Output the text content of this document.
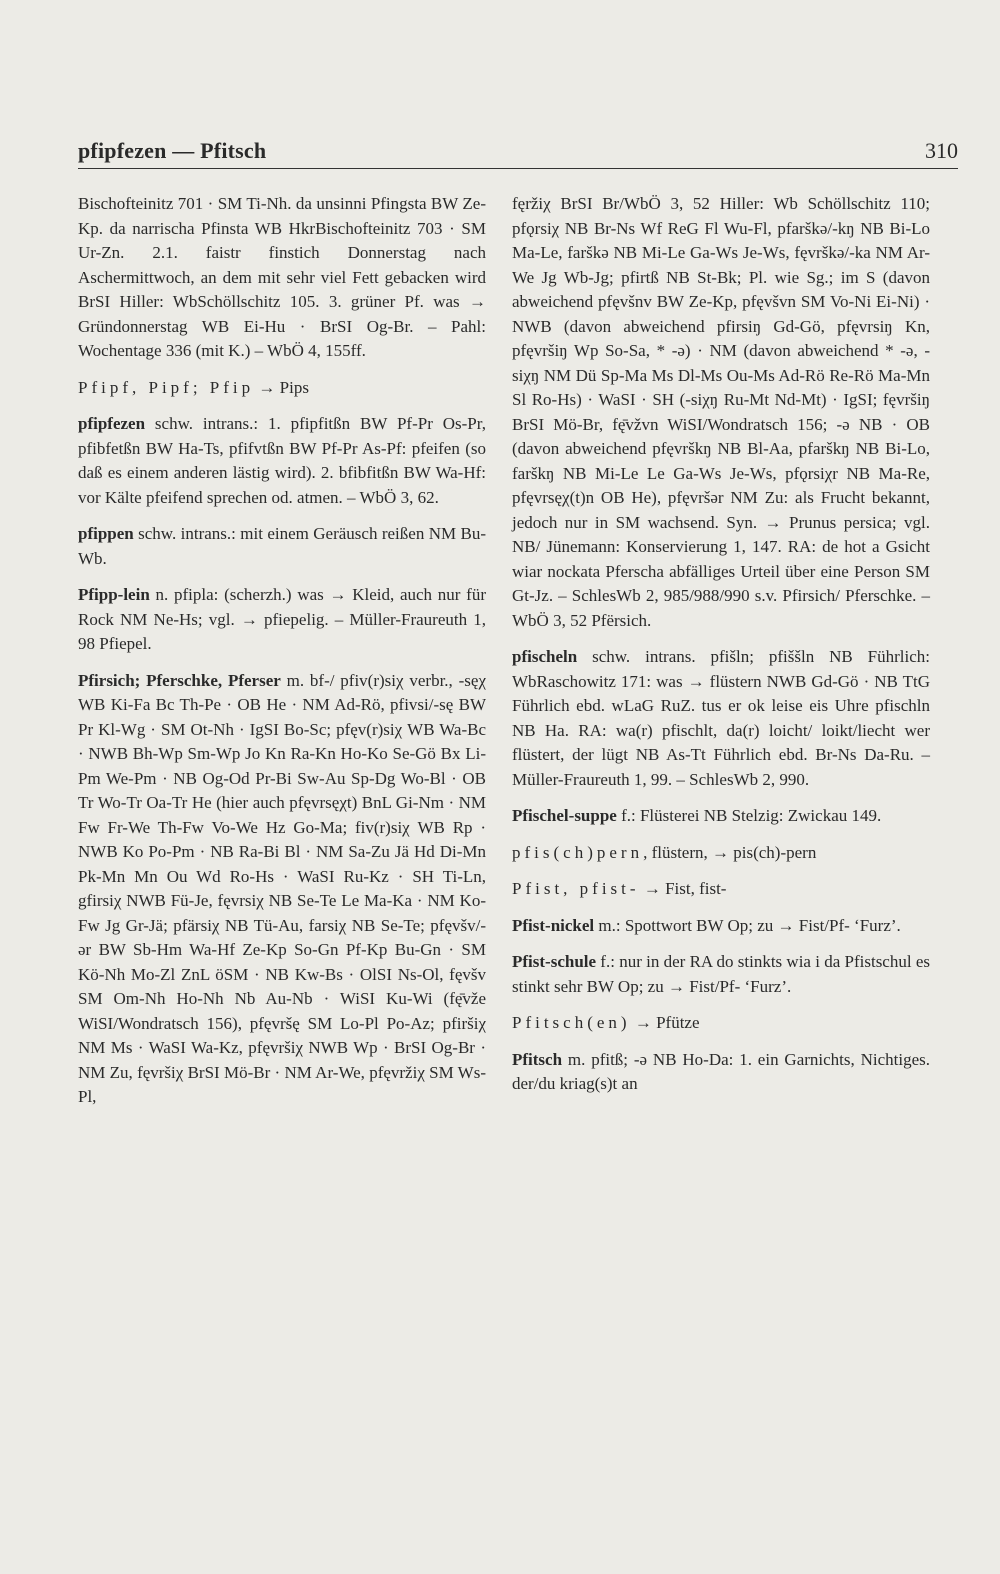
pfipfezen — Pfitsch	310

Bischofteinitz 701 · SM Ti-Nh. da unsinni Pfingsta BW Ze-Kp. da narrischa Pfinsta WB HkrBischofteinitz 703 · SM Ur-Zn. 2.1. faistr finstich Donnerstag nach Aschermittwoch, an dem mit sehr viel Fett gebacken wird BrSI Hiller: WbSchöllschitz 105. 3. grüner Pf. was → Gründonnerstag WB Ei-Hu · BrSI Og-Br. – Pahl: Wochentage 336 (mit K.) – WbÖ 4, 155ff.

Pfipf, Pipf; Pfip → Pips

pfipfezen schw. intrans.: 1. pfipfitßn BW Pf-Pr Os-Pr, pfibfetßn BW Ha-Ts, pfifvtßn BW Pf-Pr As-Pf: pfeifen (so daß es einem anderen lästig wird). 2. bfibfitßn BW Wa-Hf: vor Kälte pfeifend sprechen od. atmen. – WbÖ 3, 62.

pfippen schw. intrans.: mit einem Geräusch reißen NM Bu-Wb.

Pfipp-lein n. pfipla: (scherzh.) was → Kleid, auch nur für Rock NM Ne-Hs; vgl. → pfiepelig. – Müller-Fraureuth 1, 98 Pfiepel.

Pfirsich; Pferschke, Pferser m. bf-/ pfiv(r)siχ verbr., -sęχ WB Ki-Fa Bc Th-Pe · OB He · NM Ad-Rö, pfivsi/-sę BW Pr Kl-Wg · SM Ot-Nh · IgSI Bo-Sc; pfęv(r)siχ WB Wa-Bc · NWB Bh-Wp Sm-Wp Jo Kn Ra-Kn Ho-Ko Se-Gö Bx Li-Pm We-Pm · NB Og-Od Pr-Bi Sw-Au Sp-Dg Wo-Bl · OB Tr Wo-Tr Oa-Tr He (hier auch pfęvrsęχt) BnL Gi-Nm · NM Fw Fr-We Th-Fw Vo-We Hz Go-Ma; fiv(r)siχ WB Rp · NWB Ko Po-Pm · NB Ra-Bi Bl · NM Sa-Zu Jä Hd Di-Mn Pk-Mn Mn Ou Wd Ro-Hs · WaSI Ru-Kz · SH Ti-Ln, gfirsiχ NWB Fü-Je, fęvrsiχ NB Se-Te Le Ma-Ka · NM Ko-Fw Jg Gr-Jä; pfärsiχ NB Tü-Au, farsiχ NB Se-Te; pfęvšv/-ər BW Sb-Hm Wa-Hf Ze-Kp So-Gn Pf-Kp Bu-Gn · SM Kö-Nh Mo-Zl ZnL öSM · NB Kw-Bs · OlSI Ns-Ol, fęvšv SM Om-Nh Ho-Nh Nb Au-Nb · WiSI Ku-Wi (fę̄vže WiSI/Wondratsch 156), pfęvršę SM Lo-Pl Po-Az; pfiršiχ NM Ms · WaSI Wa-Kz, pfęvršiχ NWB Wp · BrSI Og-Br · NM Zu, fęvršiχ BrSI Mö-Br · NM Ar-We, pfęvržiχ SM Ws-Pl,

fęržiχ BrSI Br/WbÖ 3, 52 Hiller: Wb Schöllschitz 110; pfǫrsiχ NB Br-Ns Wf ReG Fl Wu-Fl, pfarškə/-kŋ NB Bi-Lo Ma-Le, farškə NB Mi-Le Ga-Ws Je-Ws, fęvrškə/-ka NM Ar-We Jg Wb-Jg; pfirtß NB St-Bk; Pl. wie Sg.; im S (davon abweichend pfęvšnv BW Ze-Kp, pfęvšvn SM Vo-Ni Ei-Ni) · NWB (davon abweichend pfirsiŋ Gd-Gö, pfęvrsiŋ Kn, pfęvršiŋ Wp So-Sa, * -ə) · NM (davon abweichend * -ə, -siχŋ NM Dü Sp-Ma Ms Dl-Ms Ou-Ms Ad-Rö Re-Rö Ma-Mn Sl Ro-Hs) · WaSI · SH (-siχŋ Ru-Mt Nd-Mt) · IgSI; fęvršiŋ BrSI Mö-Br, fę̄vžvn WiSI/Wondratsch 156; -ə NB · OB (davon abweichend pfęvrškŋ NB Bl-Aa, pfarškŋ NB Bi-Lo, farškŋ NB Mi-Le Le Ga-Ws Je-Ws, pfǫrsiχr NB Ma-Re, pfęvrsęχ(t)n OB He), pfęvršər NM Zu: als Frucht bekannt, jedoch nur in SM wachsend. Syn. → Prunus persica; vgl. NB/ Jünemann: Konservierung 1, 147. RA: de hot a Gsicht wiar nockata Pferscha abfälliges Urteil über eine Person SM Gt-Jz. – SchlesWb 2, 985/988/990 s.v. Pfirsich/ Pferschke. – WbÖ 3, 52 Pfërsich.

pfischeln schw. intrans. pfišln; pfiššln NB Führlich: WbRaschowitz 171: was → flüstern NWB Gd-Gö · NB TtG Führlich ebd. wLaG RuZ. tus er ok leise eis Uhre pfischln NB Ha. RA: wa(r) pfischlt, da(r) loicht/ loikt/liecht wer flüstert, der lügt NB As-Tt Führlich ebd. Br-Ns Da-Ru. – Müller-Fraureuth 1, 99. – SchlesWb 2, 990.

Pfischel-suppe f.: Flüsterei NB Stelzig: Zwickau 149.

pfis(ch)pern, flüstern, → pis(ch)-pern

Pfist, pfist- → Fist, fist-

Pfist-nickel m.: Spottwort BW Op; zu → Fist/Pf- ‘Furz’.

Pfist-schule f.: nur in der RA do stinkts wia i da Pfistschul es stinkt sehr BW Op; zu → Fist/Pf- ‘Furz’.

Pfitsch(en) → Pfütze

Pfitsch m. pfitß; -ə NB Ho-Da: 1. ein Garnichts, Nichtiges. der/du kriag(s)t an
